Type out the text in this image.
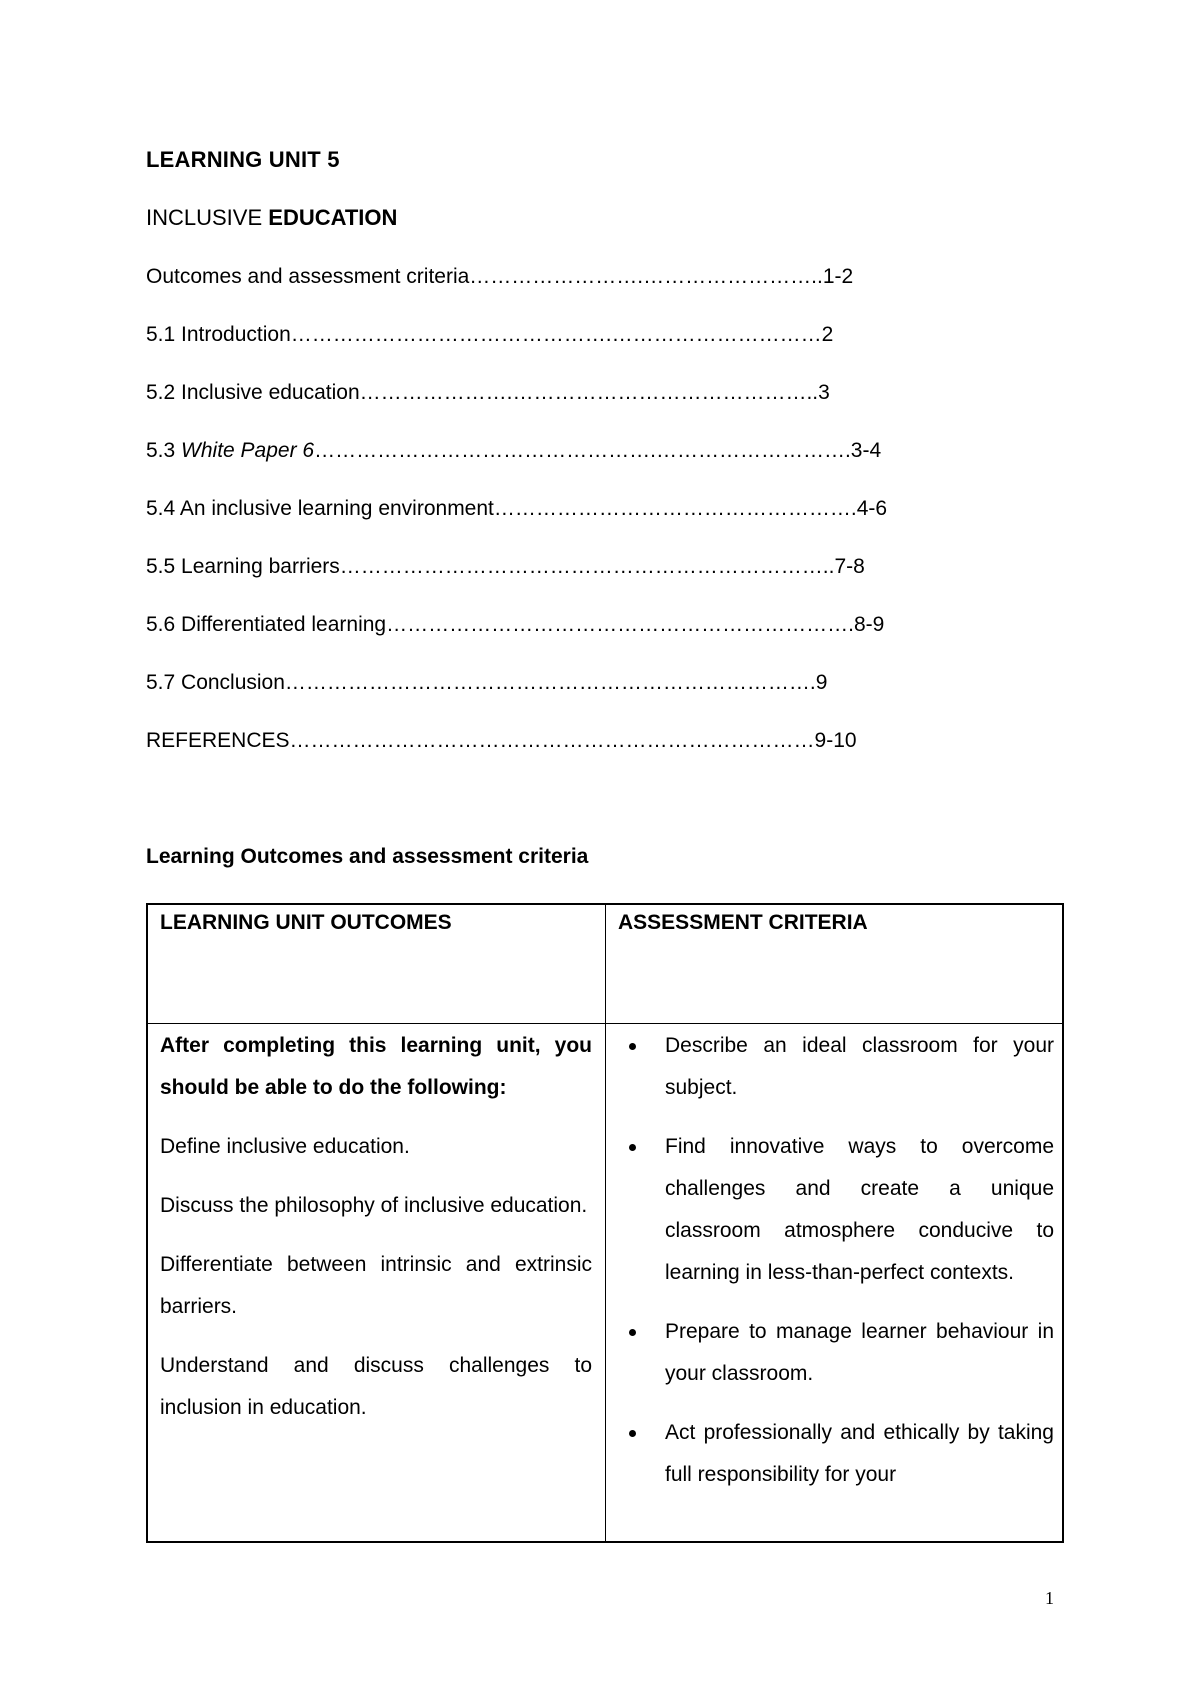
LEARNING UNIT 5
INCLUSIVE EDUCATION
Outcomes and assessment criteria…………………….……………………..1-2
5.1 Introduction……………………………………….…………………………2
5.2 Inclusive education………………….……………………………………..3
5.3 White Paper 6………………………………………….……………………….3-4
5.4 An inclusive learning environment…………………………………………….4-6
5.5 Learning barriers……………………………………………………………..7-8
5.6 Differentiated learning………………………………………………………….8-9
5.7 Conclusion………………………………………………………………….9
REFERENCES…………………………………………………………………9-10
Learning Outcomes and assessment criteria
LEARNING UNIT OUTCOMES	ASSESSMENT CRITERIA

After completing this learning unit, you should be able to do the following:

Define inclusive education.

Discuss the philosophy of inclusive education.

Differentiate between intrinsic and extrinsic barriers.

Understand and discuss challenges to inclusion in education.

Describe an ideal classroom for your subject.
Find innovative ways to overcome challenges and create a unique classroom atmosphere conducive to learning in less-than-perfect contexts.
Prepare to manage learner behaviour in your classroom.
Act professionally and ethically by taking full responsibility for your
1
